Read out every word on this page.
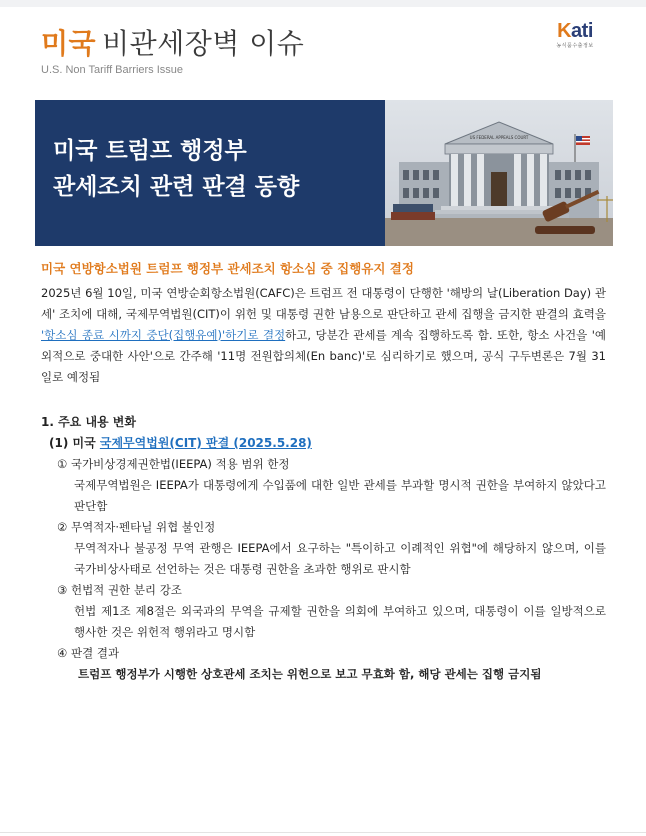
미국 비관세장벽 이슈
U.S. Non Tariff Barriers Issue
Kati
농식품수출정보
미국 트럼프 행정부
관세조치 관련 판결 동향
US FEDERAL APPEALS COURT
미국 연방항소법원 트럼프 행정부 관세조치 항소심 중 집행유지 결정
2025년 6월 10일, 미국 연방순회항소법원(CAFC)은 트럼프 전 대통령이 단행한 '해방의 날(Liberation Day) 관세' 조치에 대해, 국제무역법원(CIT)이 위헌 및 대통령 권한 남용으로 판단하고 관세 집행을 금지한 판결의 효력을 '항소심 종료 시까지 중단(집행유예)'하기로 결정하고, 당분간 관세를 계속 집행하도록 함. 또한, 항소 사건을 '예외적으로 중대한 사안'으로 간주해 '11명 전원합의체(En banc)'로 심리하기로 했으며, 공식 구두변론은 7월 31일로 예정됨
1. 주요 내용 변화
(1) 미국 국제무역법원(CIT) 판결 (2025.5.28)
① 국가비상경제권한법(IEEPA) 적용 범위 한정
국제무역법원은 IEEPA가 대통령에게 수입품에 대한 일반 관세를 부과할 명시적 권한을 부여하지 않았다고 판단함
② 무역적자·펜타닐 위협 불인정
무역적자나 불공정 무역 관행은 IEEPA에서 요구하는 "특이하고 이례적인 위협"에 해당하지 않으며, 이를 국가비상사태로 선언하는 것은 대통령 권한을 초과한 행위로 판시함
③ 헌법적 권한 분리 강조
헌법 제1조 제8절은 외국과의 무역을 규제할 권한을 의회에 부여하고 있으며, 대통령이 이를 일방적으로 행사한 것은 위헌적 행위라고 명시함
④ 판결 결과
트럼프 행정부가 시행한 상호관세 조치는 위헌으로 보고 무효화 함, 해당 관세는 집행 금지됨
